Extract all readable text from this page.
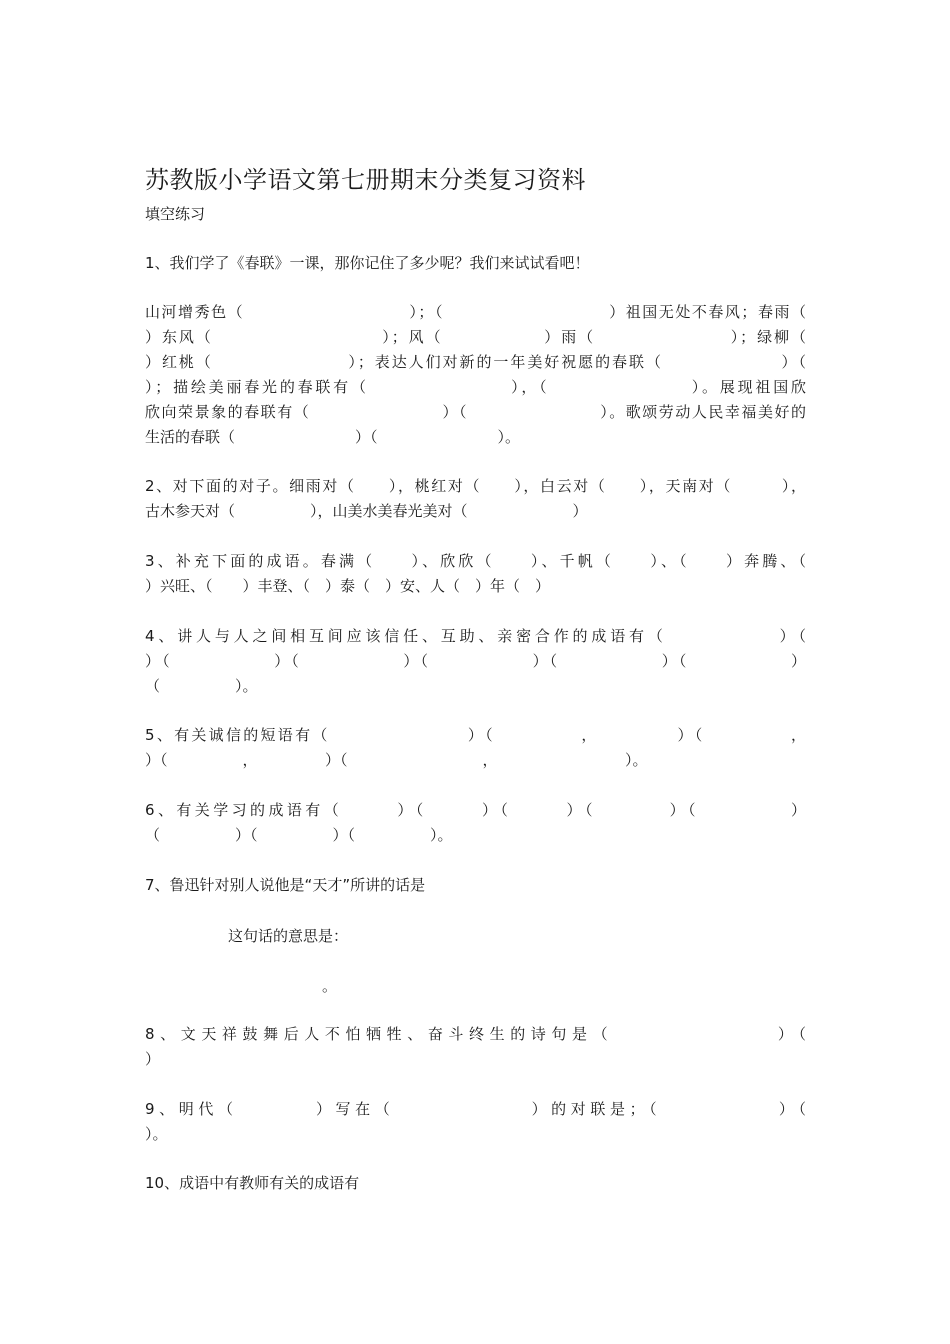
苏教版小学语文第七册期末分类复习资料
填空练习
1、我们学了《春联》一课，那你记住了多少呢？我们来试试看吧！
山河增秀色（　　　　　　　　　　）；（　　　　　　　　　　）祖国无处不春风；春雨（
）东风（　　　　　　　　　　）；风（　　　　　　）雨（　　　　　　　　）；绿柳（
）红桃（　　　　　　　　）；表达人们对新的一年美好祝愿的春联（　　　　　　　）（
）；描绘美丽春光的春联有（　　　　　　　　），（　　　　　　　　）。展现祖国欣
欣向荣景象的春联有（　　　　　　　　）（　　　　　　　　）。歌颂劳动人民幸福美好的
生活的春联（　　　　　　　　）（　　　　　　　　）。
2、对下面的对子。细雨对（　　），桃红对（　　），白云对（　　），天南对（　　　），
古木参天对（　　　　　），山美水美春光美对（　　　　　　　）
3、补充下面的成语。春满（　　）、欣欣（　　）、千帆（　　）、（　　）奔腾、（
）兴旺、（　　）丰登、（　）泰（　）安、人（　）年（　）
4、讲人与人之间相互间应该信任、互助、亲密合作的成语有（　　　　　　）（
）（　　　　　　）（　　　　　　）（　　　　　　）（　　　　　　）（　　　　　　）
（　　　　　）。
5、有关诚信的短语有（　　　　　　　　）（　　　　　，　　　　　）（　　　　　，
）（　　　　　，　　　　　）（　　　　　　　　　，　　　　　　　　　）。
6、有关学习的成语有（　　　）（　　　）（　　　）（　　　　）（　　　　　）
（　　　　　）（　　　　　）（　　　　　）。
7、鲁迅针对别人说他是“天才”所讲的话是
这句话的意思是：
。
8、文天祥鼓舞后人不怕牺牲、奋斗终生的诗句是（　　　　　　　　）（
）
9、明代（　　　　）写在（　　　　　　　）的对联是；（　　　　　　）（
）。
10、成语中有教师有关的成语有
